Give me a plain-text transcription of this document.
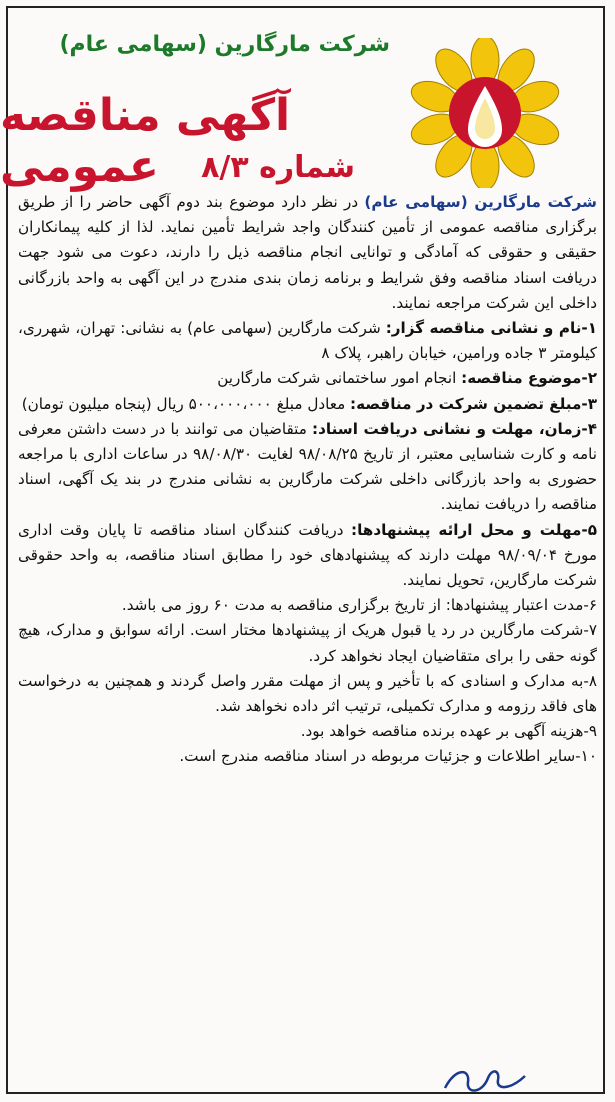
شرکت مارگارین (سهامی عام)
آگهی مناقصه عمومی	شماره ۸/۳

شرکت مارگارین (سهامی عام) در نظر دارد موضوع بند دوم آگهی حاضر را از طریق برگزاری مناقصه عمومی از تأمین کنندگان واجد شرایط تأمین نماید. لذا از کلیه پیمانکاران حقیقی و حقوقی که آمادگی و توانایی انجام مناقصه ذیل را دارند، دعوت می شود جهت دریافت اسناد مناقصه وفق شرایط و برنامه زمان بندی مندرج در این آگهی به واحد بازرگانی داخلی این شرکت مراجعه نمایند.

۱-نام و نشانی مناقصه گزار: شرکت مارگارین (سهامی عام) به نشانی: تهران، شهرری، کیلومتر ۳ جاده ورامین، خیابان راهبر، پلاک ۸

۲-موضوع مناقصه: انجام امور ساختمانی شرکت مارگارین

۳-مبلغ تضمین شرکت در مناقصه: معادل مبلغ ۵۰۰،۰۰۰،۰۰۰ ریال (پنجاه میلیون تومان)

۴-زمان، مهلت و نشانی دریافت اسناد: متقاضیان می توانند با در دست داشتن معرفی نامه و کارت شناسایی معتبر، از تاریخ ۹۸/۰۸/۲۵ لغایت ۹۸/۰۸/۳۰ در ساعات اداری با مراجعه حضوری به واحد بازرگانی داخلی شرکت مارگارین به نشانی مندرج در بند یک آگهی، اسناد مناقصه را دریافت نمایند.

۵-مهلت و محل ارائه پیشنهادها: دریافت کنندگان اسناد مناقصه تا پایان وقت اداری مورخ ۹۸/۰۹/۰۴ مهلت دارند که پیشنهادهای خود را مطابق اسناد مناقصه، به واحد حقوقی شرکت مارگارین، تحویل نمایند.

۶-مدت اعتبار پیشنهادها: از تاریخ برگزاری مناقصه به مدت ۶۰ روز می باشد.

۷-شرکت مارگارین در رد یا قبول هریک از پیشنهادها مختار است. ارائه سوابق و مدارک، هیچ گونه حقی را برای متقاضیان ایجاد نخواهد کرد.

۸-به مدارک و اسنادی که با تأخیر و پس از مهلت مقرر واصل گردند و همچنین به درخواست های فاقد رزومه و مدارک تکمیلی، ترتیب اثر داده نخواهد شد.

۹-هزینه آگهی بر عهده برنده مناقصه خواهد بود.

۱۰-سایر اطلاعات و جزئیات مربوطه در اسناد مناقصه مندرج است.
